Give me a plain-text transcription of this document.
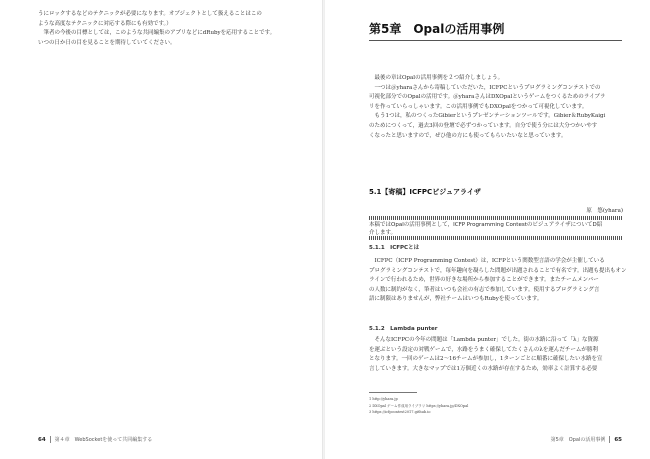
うにロックするなどのテクニックが必要になります。オブジェクトとして扱えることはこの

ような高度なテクニックに対応する際にも有効です。）

　筆者の今後の目標としては，このような共同編集のアプリなどにdRubyを応用することです。

いつの日か日の目を見ることを期待していてください。

64 第４章　WebSocketを使って共同編集する
第5章　Opalの活用事例

　最後の章はOpalの活用事例を２つ紹介しましょう。

　一つは＠yharaさんから寄稿していただいた，ICFPCというプログラミングコンテストでの

可視化部分でのOpalの活用です。＠yharaさんはDXOpalというゲームをつくるためのライブラ

リを作っていらっしゃいます。この活用事例でもDXOpalをつかって可視化しています。

　もう1つは，私のつくったGibierというプレゼンテーションツールです。Gibier＆RubyKaigi

のためにつくって，過去3回の登壇で必ずつかっています。自分で使う分には大分つかいやす

くなったと思いますので，ぜひ他の方にも使ってもらいたいなと思っています。

5.1【寄稿】ICFPCビジュアライザ
原　悠(yhara)
本稿ではOpalの活用事例として，ICFP Programming ContestのビジュアライザについてD紹
介します。
5.1.1　ICFPCとは

　ICFPC（ICFP Programming Contest）は，ICFPという関数型言語の学会が主催している

プログラミングコンテストで，毎年趣向を凝らした問題が出題されることで有名です。出題も提出もオン

ラインで行われるため，世界の好きな場所から参加することができます。またチームメンバー

の人数に制約がなく，筆者はいつも会社の有志で参加しています。使用するプログラミング言

語に制限はありませんが，弊社チームはいつもRubyを使っています。

5.1.2　Lambda punter

　そんなICFPCの今年の問題は「Lambda punter」でした。街の水路に沿って「λ」な資源

を運ぶという設定の対戦ゲームで，水路をうまく確保してたくさんのλを運んだチームが勝利

となります。一回のゲームは2〜16チームが参加し，1ターンごとに順番に確保したい水路を宣

言していきます。大きなマップでは1万個近くの水路が存在するため，効率よく計算する必要

1 http://yhara.jp
2 DXOpal ゲーム作成用ライブラリ https://yhara.jp/DXOpal
3 https://icfpcontest2017.github.io
第5章　Opalの活用事例 65
